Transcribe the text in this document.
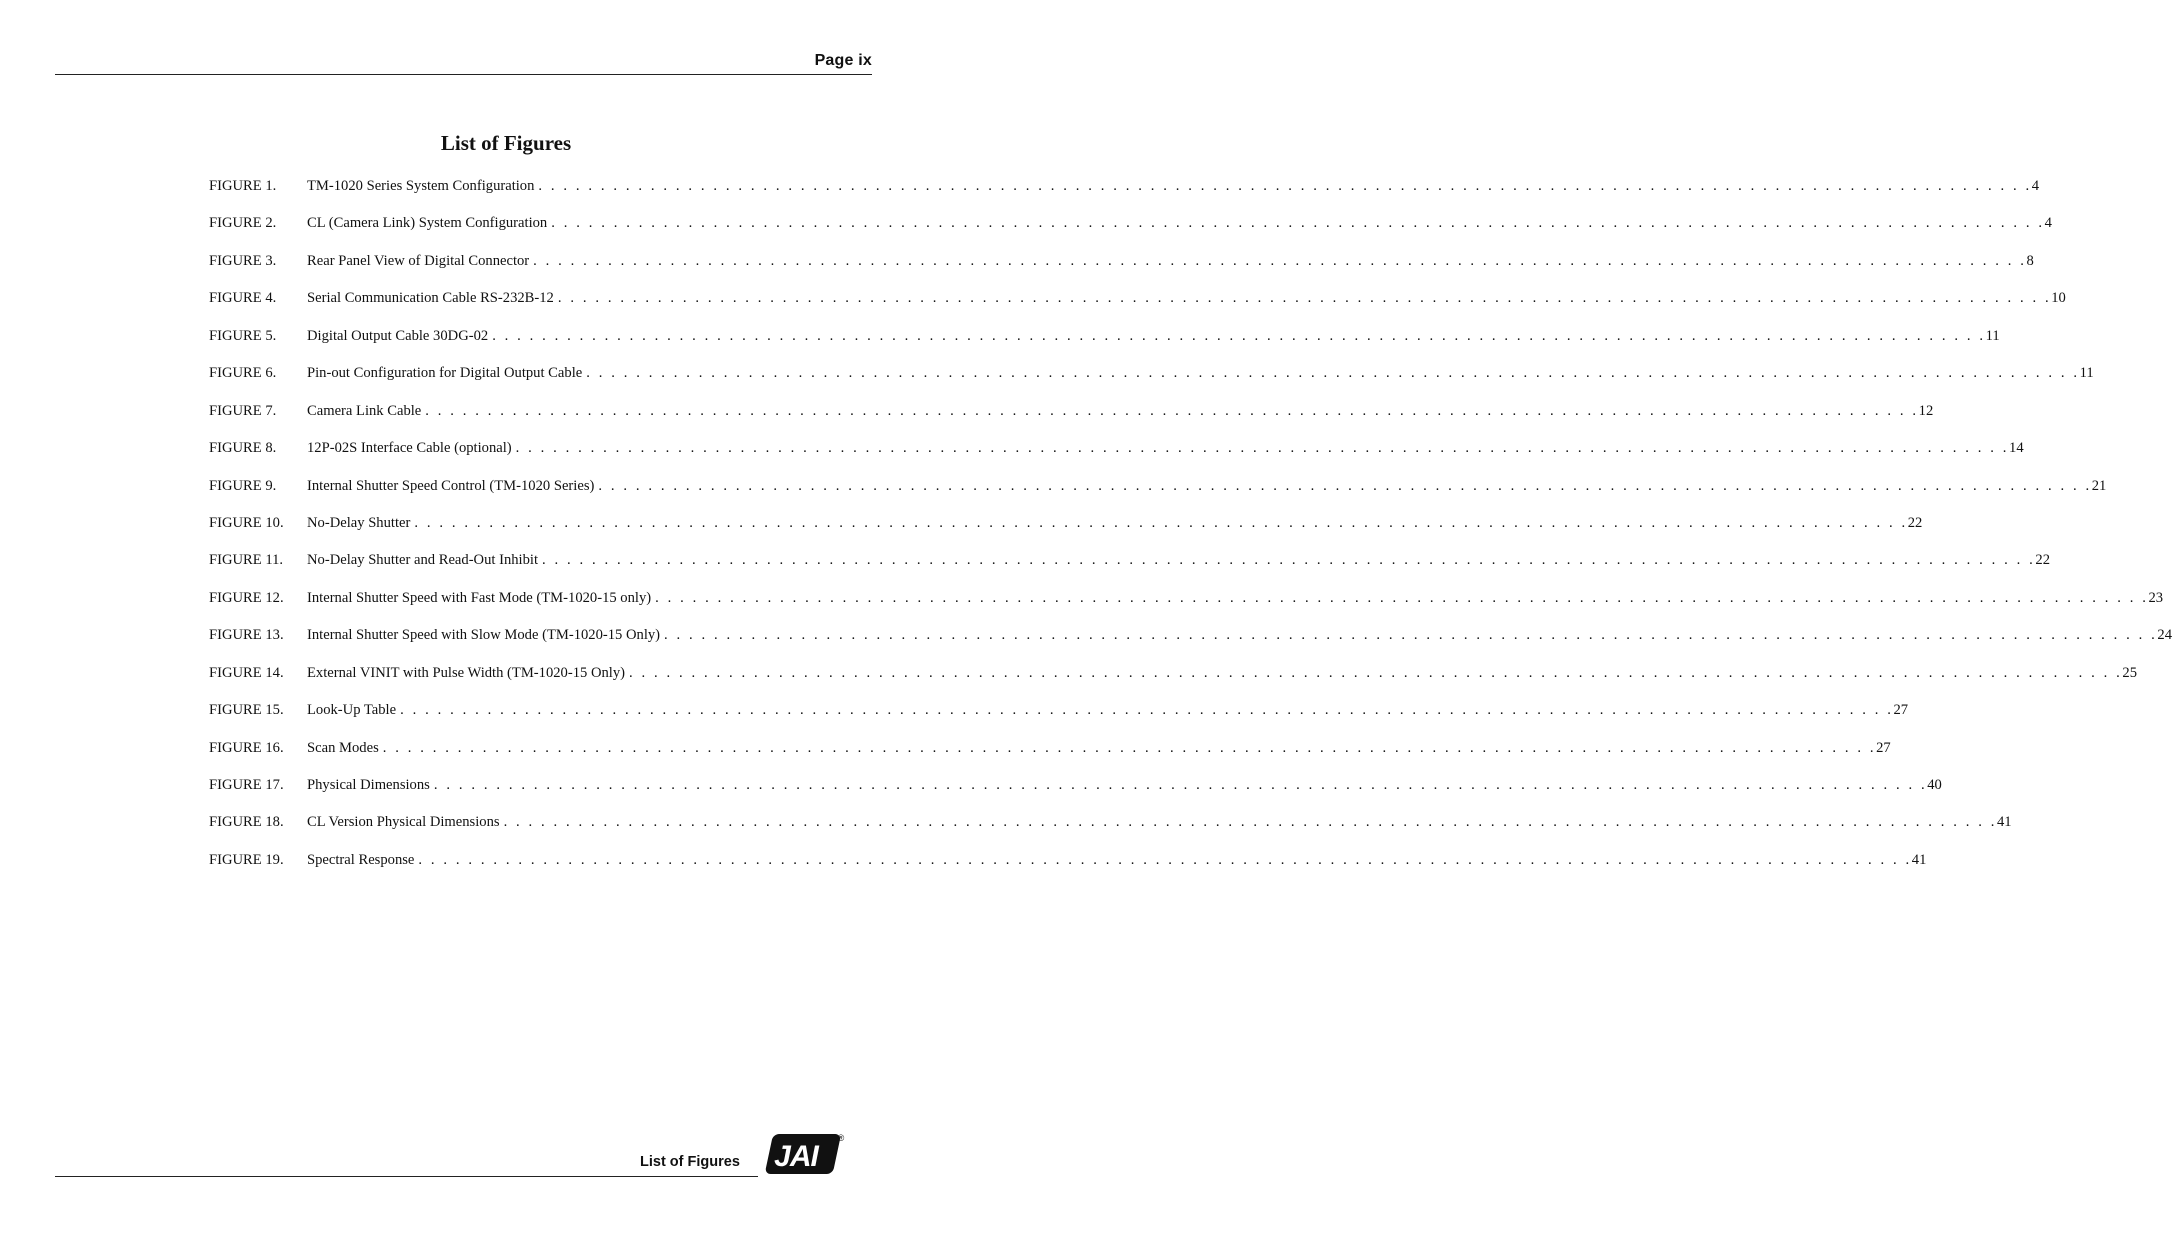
Page ix
List of Figures
FIGURE 1.	TM-1020 Series System Configuration . . . . . . . . . . . . . . . . . . . . . . . . . . . . . . . . . . . . . . . . . . . . . . . . . . . . . . . . . . . . . . . . . . . . . . . . . . . . . . . . . . . . . . . . . . . . . . . . . . . . . . . . . . . . . . . . . . . . . . . . 4
FIGURE 2.	CL (Camera Link) System Configuration . . . . . . . . . . . . . . . . . . . . . . . . . . . . . . . . . . . . . . . . . . . . . . . . . . . . . . . . . . . . . . . . . . . . . . . . . . . . . . . . . . . . . . . . . . . . . . . . . . . . . . . . . . . . . . . . . . . . . . . . 4
FIGURE 3.	Rear Panel View of Digital Connector . . . . . . . . . . . . . . . . . . . . . . . . . . . . . . . . . . . . . . . . . . . . . . . . . . . . . . . . . . . . . . . . . . . . . . . . . . . . . . . . . . . . . . . . . . . . . . . . . . . . . . . . . . . . . . . . . . . . . . . . 8
FIGURE 4.	Serial Communication Cable RS-232B-12 . . . . . . . . . . . . . . . . . . . . . . . . . . . . . . . . . . . . . . . . . . . . . . . . . . . . . . . . . . . . . . . . . . . . . . . . . . . . . . . . . . . . . . . . . . . . . . . . . . . . . . . . . . . . . . . . . . . . . . . . 10
FIGURE 5.	Digital Output Cable 30DG-02 . . . . . . . . . . . . . . . . . . . . . . . . . . . . . . . . . . . . . . . . . . . . . . . . . . . . . . . . . . . . . . . . . . . . . . . . . . . . . . . . . . . . . . . . . . . . . . . . . . . . . . . . . . . . . . . . . . . . . . . . 11
FIGURE 6.	Pin-out Configuration for Digital Output Cable . . . . . . . . . . . . . . . . . . . . . . . . . . . . . . . . . . . . . . . . . . . . . . . . . . . . . . . . . . . . . . . . . . . . . . . . . . . . . . . . . . . . . . . . . . . . . . . . . . . . . . . . . . . . . . . . . . . . . . . . 11
FIGURE 7.	Camera Link Cable . . . . . . . . . . . . . . . . . . . . . . . . . . . . . . . . . . . . . . . . . . . . . . . . . . . . . . . . . . . . . . . . . . . . . . . . . . . . . . . . . . . . . . . . . . . . . . . . . . . . . . . . . . . . . . . . . . . . . . . . 12
FIGURE 8.	12P-02S Interface Cable (optional) . . . . . . . . . . . . . . . . . . . . . . . . . . . . . . . . . . . . . . . . . . . . . . . . . . . . . . . . . . . . . . . . . . . . . . . . . . . . . . . . . . . . . . . . . . . . . . . . . . . . . . . . . . . . . . . . . . . . . . . . 14
FIGURE 9.	Internal Shutter Speed Control (TM-1020 Series) . . . . . . . . . . . . . . . . . . . . . . . . . . . . . . . . . . . . . . . . . . . . . . . . . . . . . . . . . . . . . . . . . . . . . . . . . . . . . . . . . . . . . . . . . . . . . . . . . . . . . . . . . . . . . . . . . . . . . . . . 21
FIGURE 10.	No-Delay Shutter . . . . . . . . . . . . . . . . . . . . . . . . . . . . . . . . . . . . . . . . . . . . . . . . . . . . . . . . . . . . . . . . . . . . . . . . . . . . . . . . . . . . . . . . . . . . . . . . . . . . . . . . . . . . . . . . . . . . . . . . 22
FIGURE 11.	No-Delay Shutter and Read-Out Inhibit . . . . . . . . . . . . . . . . . . . . . . . . . . . . . . . . . . . . . . . . . . . . . . . . . . . . . . . . . . . . . . . . . . . . . . . . . . . . . . . . . . . . . . . . . . . . . . . . . . . . . . . . . . . . . . . . . . . . . . . . 22
FIGURE 12.	Internal Shutter Speed with Fast Mode (TM-1020-15 only) . . . . . . . . . . . . . . . . . . . . . . . . . . . . . . . . . . . . . . . . . . . . . . . . . . . . . . . . . . . . . . . . . . . . . . . . . . . . . . . . . . . . . . . . . . . . . . . . . . . . . . . . . . . . . . . . . . . . . . . . 23
FIGURE 13.	Internal Shutter Speed with Slow Mode (TM-1020-15 Only) . . . . . . . . . . . . . . . . . . . . . . . . . . . . . . . . . . . . . . . . . . . . . . . . . . . . . . . . . . . . . . . . . . . . . . . . . . . . . . . . . . . . . . . . . . . . . . . . . . . . . . . . . . . . . . . . . . . . . . . . 24
FIGURE 14.	External VINIT with Pulse Width (TM-1020-15 Only) . . . . . . . . . . . . . . . . . . . . . . . . . . . . . . . . . . . . . . . . . . . . . . . . . . . . . . . . . . . . . . . . . . . . . . . . . . . . . . . . . . . . . . . . . . . . . . . . . . . . . . . . . . . . . . . . . . . . . . . . 25
FIGURE 15.	Look-Up Table . . . . . . . . . . . . . . . . . . . . . . . . . . . . . . . . . . . . . . . . . . . . . . . . . . . . . . . . . . . . . . . . . . . . . . . . . . . . . . . . . . . . . . . . . . . . . . . . . . . . . . . . . . . . . . . . . . . . . . . . 27
FIGURE 16.	Scan Modes . . . . . . . . . . . . . . . . . . . . . . . . . . . . . . . . . . . . . . . . . . . . . . . . . . . . . . . . . . . . . . . . . . . . . . . . . . . . . . . . . . . . . . . . . . . . . . . . . . . . . . . . . . . . . . . . . . . . . . . . 27
FIGURE 17.	Physical Dimensions . . . . . . . . . . . . . . . . . . . . . . . . . . . . . . . . . . . . . . . . . . . . . . . . . . . . . . . . . . . . . . . . . . . . . . . . . . . . . . . . . . . . . . . . . . . . . . . . . . . . . . . . . . . . . . . . . . . . . . . . 40
FIGURE 18.	CL Version Physical Dimensions . . . . . . . . . . . . . . . . . . . . . . . . . . . . . . . . . . . . . . . . . . . . . . . . . . . . . . . . . . . . . . . . . . . . . . . . . . . . . . . . . . . . . . . . . . . . . . . . . . . . . . . . . . . . . . . . . . . . . . . . 41
FIGURE 19.	Spectral Response . . . . . . . . . . . . . . . . . . . . . . . . . . . . . . . . . . . . . . . . . . . . . . . . . . . . . . . . . . . . . . . . . . . . . . . . . . . . . . . . . . . . . . . . . . . . . . . . . . . . . . . . . . . . . . . . . . . . . . . . 41
List of Figures JAI
®
